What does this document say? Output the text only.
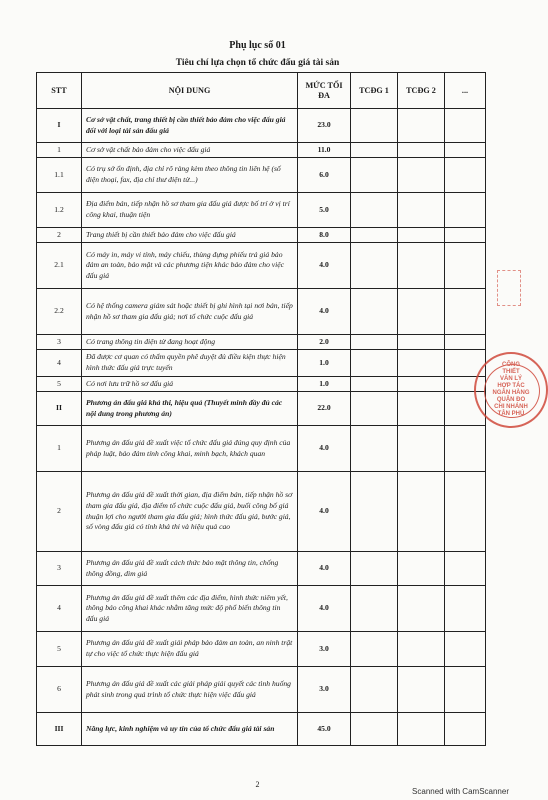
Phụ lục số 01
Tiêu chí lựa chọn tổ chức đấu giá tài sản
STT	NỘI DUNG	MỨC TỐI ĐA	TCĐG 1	TCĐG 2	...
I	Cơ sở vật chất, trang thiết bị cần thiết bảo đảm cho việc đấu giá đối với loại tài sản đấu giá	23.0			
1	Cơ sở vật chất bảo đảm cho việc đấu giá	11.0			
1.1	Có trụ sở ổn định, địa chỉ rõ ràng kèm theo thông tin liên hệ (số điện thoại, fax, địa chỉ thư điện tử...)	6.0			
1.2	Địa điểm bán, tiếp nhận hồ sơ tham gia đấu giá được bố trí ở vị trí công khai, thuận tiện	5.0			
2	Trang thiết bị cần thiết bảo đảm cho việc đấu giá	8.0			
2.1	Có máy in, máy vi tính, máy chiếu, thùng đựng phiếu trả giá bảo đảm an toàn, bảo mật và các phương tiện khác bảo đảm cho việc đấu giá	4.0			
2.2	Có hệ thống camera giám sát hoặc thiết bị ghi hình tại nơi bán, tiếp nhận hồ sơ tham gia đấu giá; nơi tổ chức cuộc đấu giá	4.0			
3	Có trang thông tin điện tử đang hoạt động	2.0			
4	Đã được cơ quan có thẩm quyền phê duyệt đủ điều kiện thực hiện hình thức đấu giá trực tuyến	1.0			
5	Có nơi lưu trữ hồ sơ đấu giá	1.0			
II	Phương án đấu giá khả thi, hiệu quả (Thuyết minh đầy đủ các nội dung trong phương án)	22.0			
1	Phương án đấu giá đề xuất việc tổ chức đấu giá đúng quy định của pháp luật, bảo đảm tính công khai, minh bạch, khách quan	4.0			
2	Phương án đấu giá đề xuất thời gian, địa điểm bán, tiếp nhận hồ sơ tham gia đấu giá, địa điểm tổ chức cuộc đấu giá, buổi công bố giá thuận lợi cho người tham gia đấu giá; hình thức đấu giá, bước giá, số vòng đấu giá có tính khả thi và hiệu quả cao	4.0			
3	Phương án đấu giá đề xuất cách thức bảo mật thông tin, chống thông đồng, dìm giá	4.0			
4	Phương án đấu giá đề xuất thêm các địa điểm, hình thức niêm yết, thông báo công khai khác nhằm tăng mức độ phổ biến thông tin đấu giá	4.0			
5	Phương án đấu giá đề xuất giải pháp bảo đảm an toàn, an ninh trật tự cho việc tổ chức thực hiện đấu giá	3.0			
6	Phương án đấu giá đề xuất các giải pháp giải quyết các tình huống phát sinh trong quá trình tổ chức thực hiện việc đấu giá	3.0			
III	Năng lực, kinh nghiệm và uy tín của tổ chức đấu giá tài sản	45.0			
CÔNG
THIẾT
VĂN LÝ
HỢP TÁC
NGÂN HÀNG
QUẬN ĐO
CHI NHÁNH
TÂN PHÚ
2
Scanned with CamScanner
